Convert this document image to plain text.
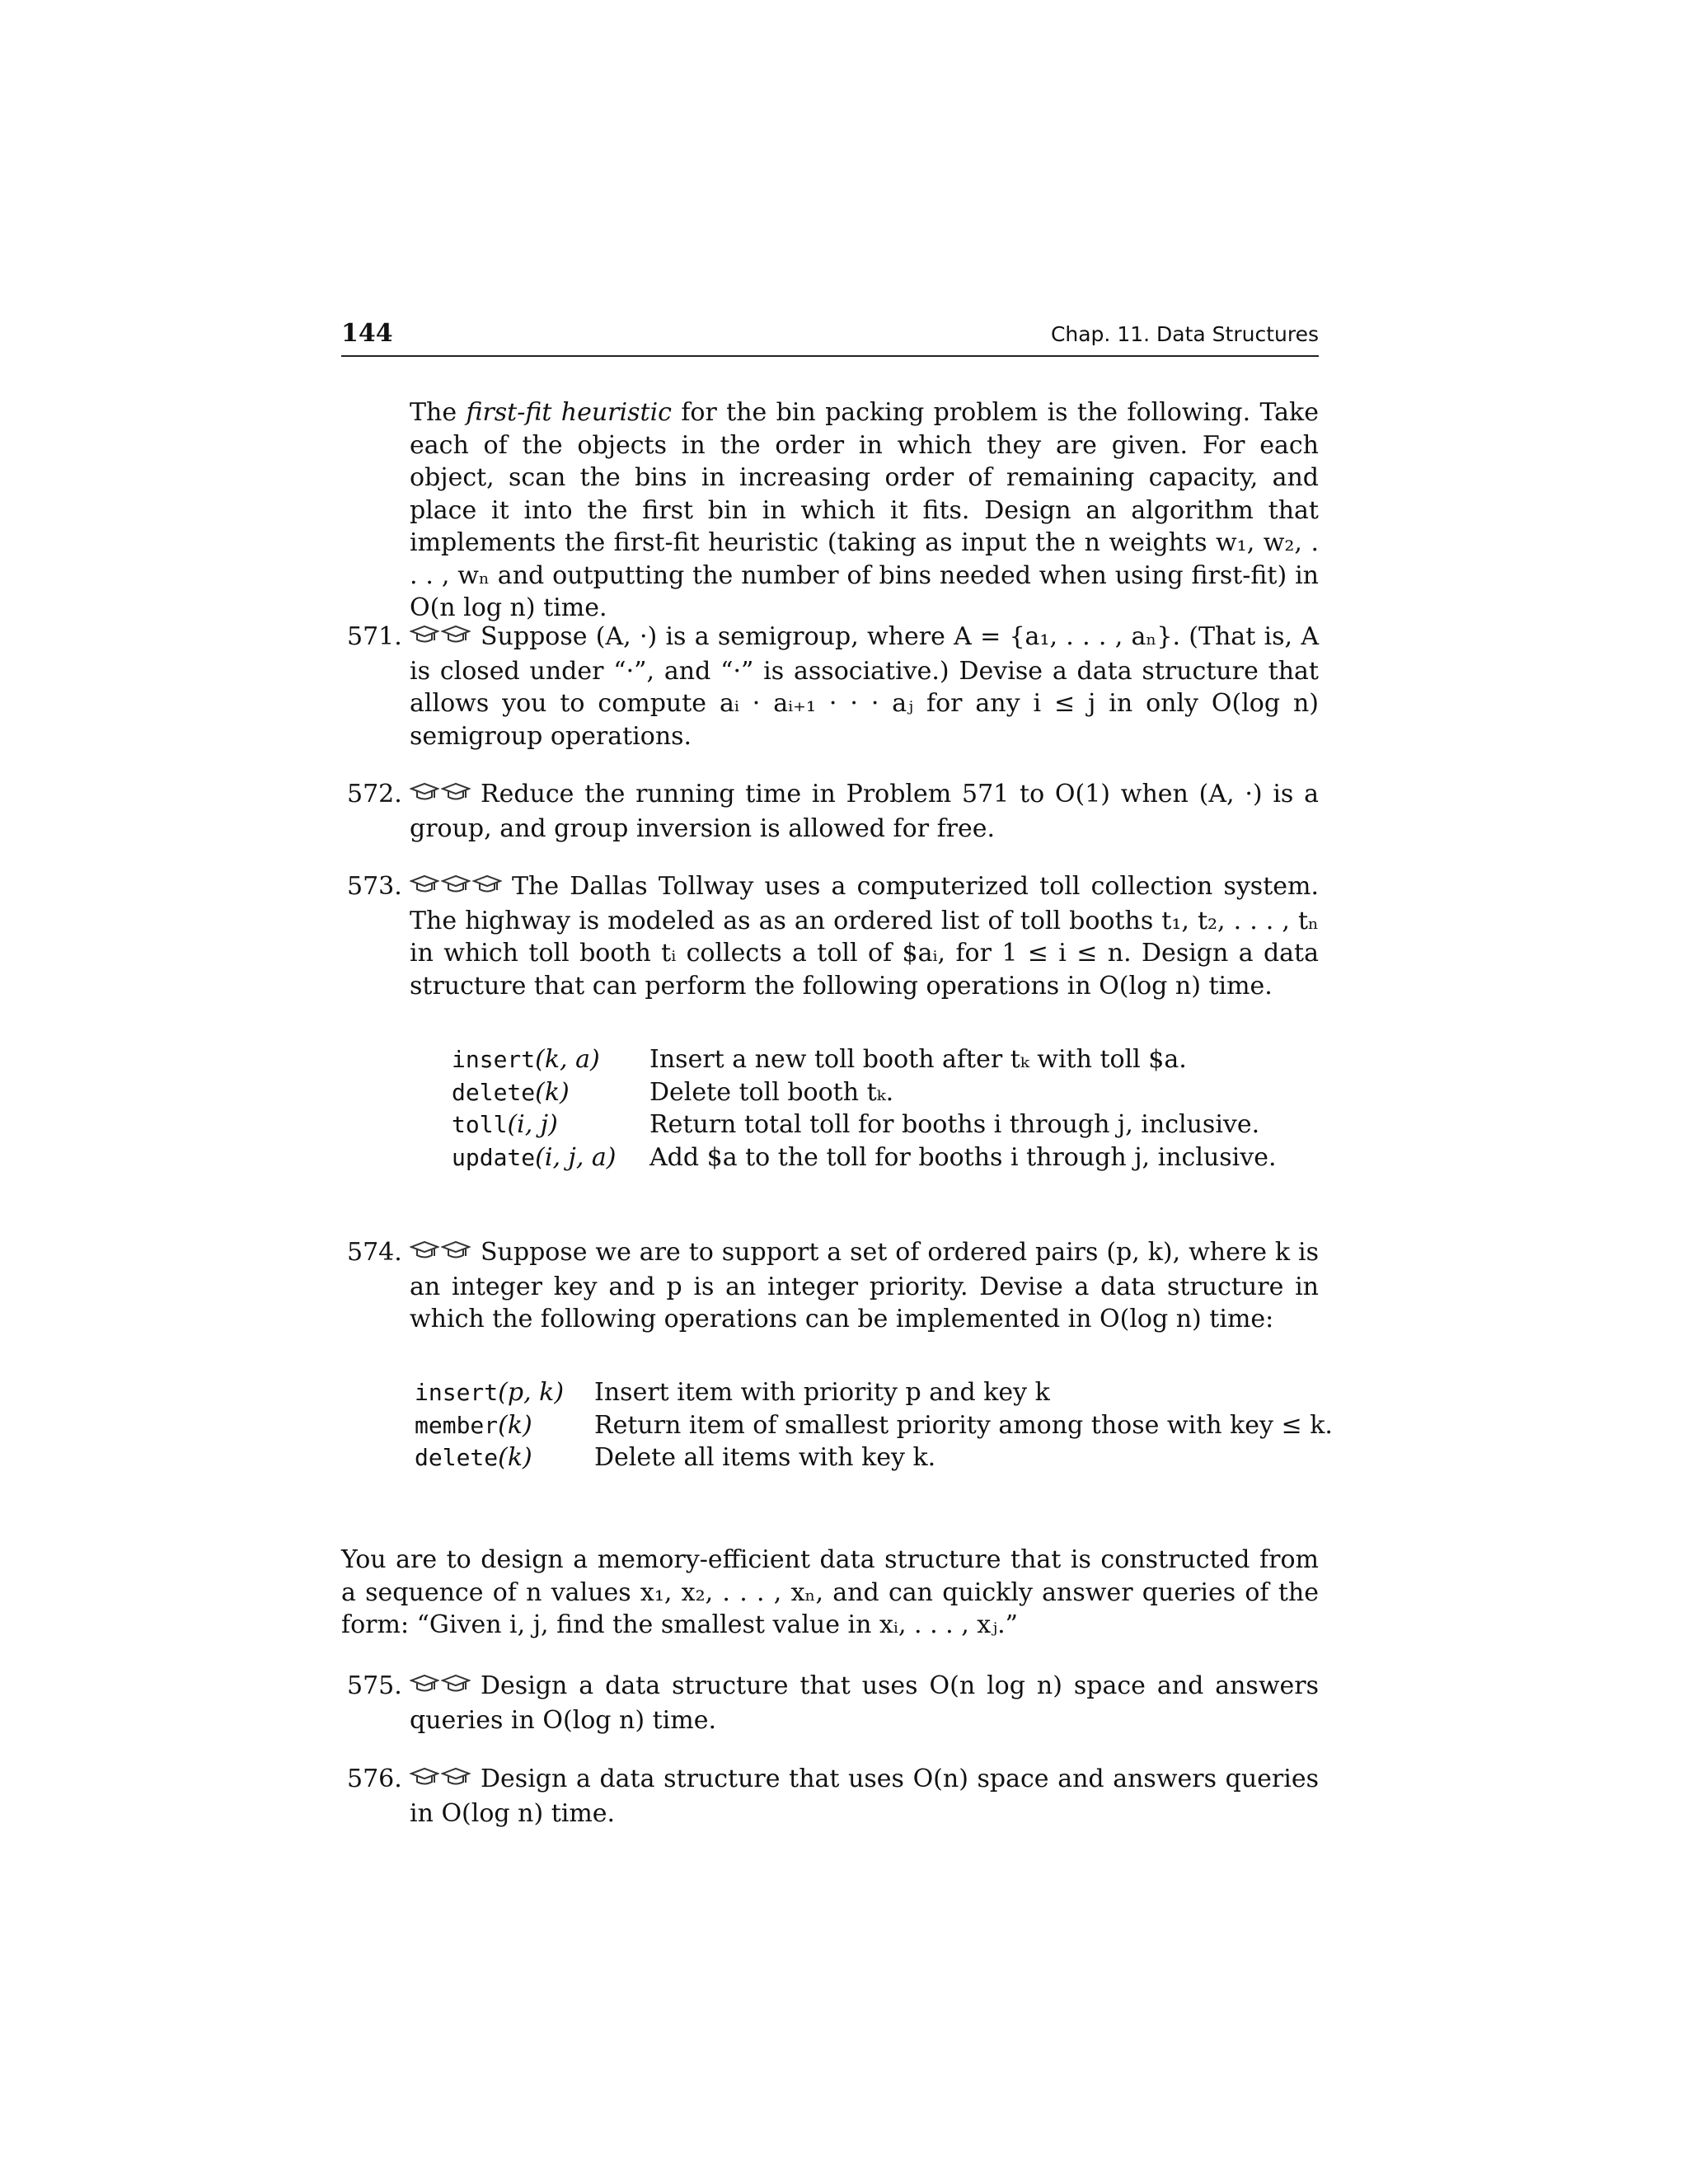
144	Chap. 11. Data Structures

The first-fit heuristic for the bin packing problem is the following. Take each of the objects in the order in which they are given. For each object, scan the bins in increasing order of remaining capacity, and place it into the first bin in which it fits. Design an algorithm that implements the first-fit heuristic (taking as input the n weights w₁, w₂, . . . , wₙ and outputting the number of bins needed when using first-fit) in O(n log n) time.

571.	Suppose (A, ·) is a semigroup, where A = {a₁, . . . , aₙ}. (That is, A is closed under “·”, and “·” is associative.) Devise a data structure that allows you to compute aᵢ · aᵢ₊₁ · · · aⱼ for any i ≤ j in only O(log n) semigroup operations.

572.	Reduce the running time in Problem 571 to O(1) when (A, ·) is a group, and group inversion is allowed for free.

573.	The Dallas Tollway uses a computerized toll collection system. The highway is modeled as as an ordered list of toll booths t₁, t₂, . . . , tₙ in which toll booth tᵢ collects a toll of $aᵢ, for 1 ≤ i ≤ n. Design a data structure that can perform the following operations in O(log n) time.

insert(k, a)	Insert a new toll booth after tₖ with toll $a.
delete(k)	Delete toll booth tₖ.
toll(i, j)	Return total toll for booths i through j, inclusive.
update(i, j, a)	Add $a to the toll for booths i through j, inclusive.
574.	Suppose we are to support a set of ordered pairs (p, k), where k is an integer key and p is an integer priority. Devise a data structure in which the following operations can be implemented in O(log n) time:

insert(p, k)	Insert item with priority p and key k
member(k)	Return item of smallest priority among those with key ≤ k.
delete(k)	Delete all items with key k.

You are to design a memory-efficient data structure that is constructed from a sequence of n values x₁, x₂, . . . , xₙ, and can quickly answer queries of the form: “Given i, j, find the smallest value in xᵢ, . . . , xⱼ.”

575.	Design a data structure that uses O(n log n) space and answers queries in O(log n) time.

576.	Design a data structure that uses O(n) space and answers queries in O(log n) time.
